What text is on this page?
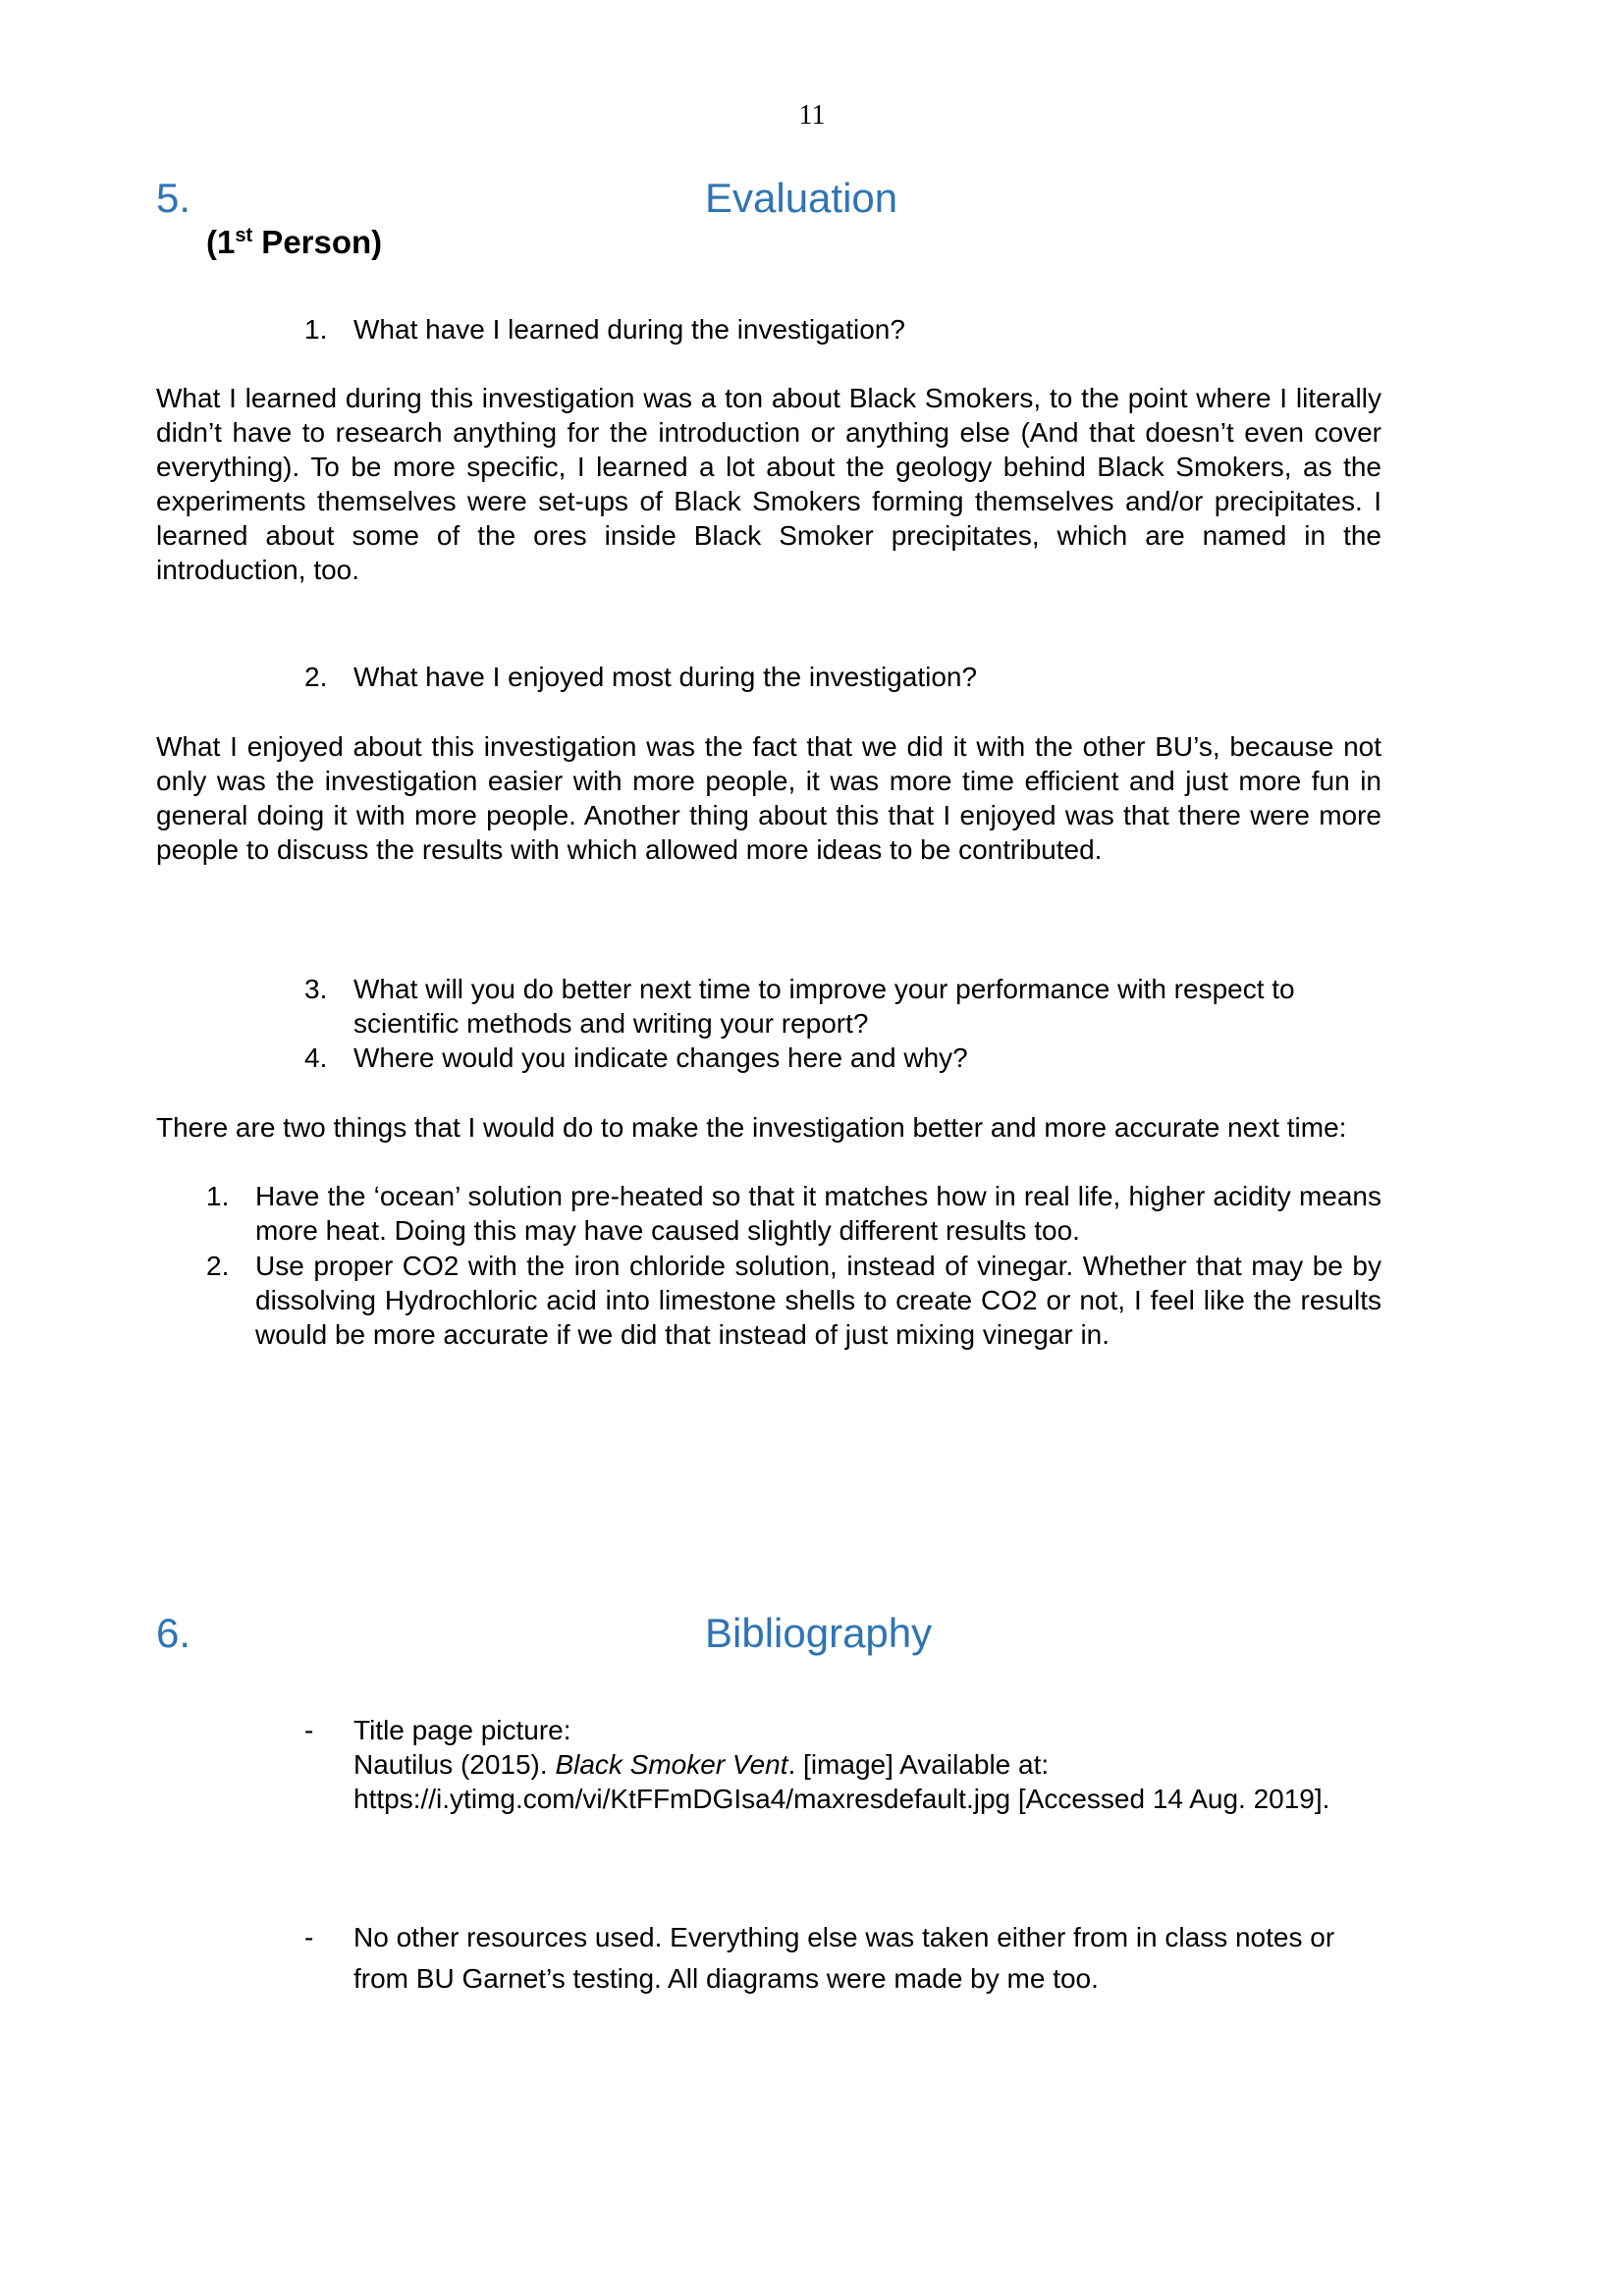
11
5.	Evaluation
(1st Person)
1. What have I learned during the investigation?
What I learned during this investigation was a ton about Black Smokers, to the point where I literally didn’t have to research anything for the introduction or anything else (And that doesn’t even cover everything). To be more specific, I learned a lot about the geology behind Black Smokers, as the experiments themselves were set-ups of Black Smokers forming themselves and/or precipitates. I learned about some of the ores inside Black Smoker precipitates, which are named in the introduction, too.
2. What have I enjoyed most during the investigation?
What I enjoyed about this investigation was the fact that we did it with the other BU’s, because not only was the investigation easier with more people, it was more time efficient and just more fun in general doing it with more people. Another thing about this that I enjoyed was that there were more people to discuss the results with which allowed more ideas to be contributed.
3. What will you do better next time to improve your performance with respect to scientific methods and writing your report?
4. Where would you indicate changes here and why?
There are two things that I would do to make the investigation better and more accurate next time:
1. Have the ‘ocean’ solution pre-heated so that it matches how in real life, higher acidity means more heat. Doing this may have caused slightly different results too.
2. Use proper CO2 with the iron chloride solution, instead of vinegar. Whether that may be by dissolving Hydrochloric acid into limestone shells to create CO2 or not, I feel like the results would be more accurate if we did that instead of just mixing vinegar in.
6.	Bibliography
-	Title page picture:
Nautilus (2015). Black Smoker Vent. [image] Available at:
https://i.ytimg.com/vi/KtFFmDGIsa4/maxresdefault.jpg [Accessed 14 Aug. 2019].
-	No other resources used. Everything else was taken either from in class notes or from BU Garnet’s testing. All diagrams were made by me too.
